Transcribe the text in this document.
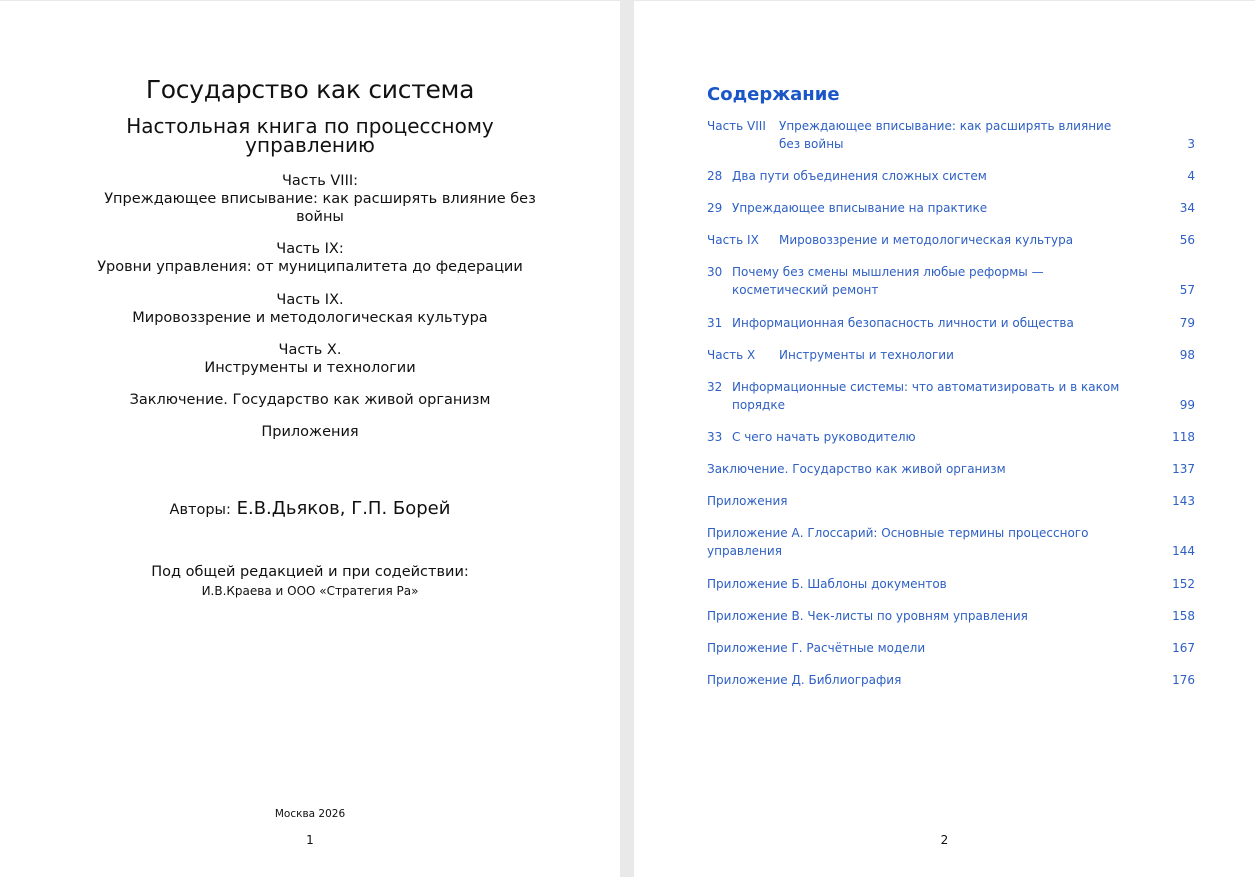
Государство как система
Настольная книга по процессному
управлению
Часть VIII:
Упреждающее вписывание: как расширять влияние без
войны
Часть IX:
Уровни управления: от муниципалитета до федерации
Часть IX.
Мировоззрение и методологическая культура
Часть X.
Инструменты и технологии
Заключение. Государство как живой организм
Приложения
Авторы: Е.В.Дьяков, Г.П. Борей
Под общей редакцией и при содействии:
И.В.Краева и ООО «Стратегия Ра»
Москва 2026
1
Содержание
Часть VIII Упреждающее вписывание: как расширять влияние
без войны	3
28 Два пути объединения сложных систем	4
29 Упреждающее вписывание на практике	34
Часть IX Мировоззрение и методологическая культура	56
30 Почему без смены мышления любые реформы —
косметический ремонт	57
31 Информационная безопасность личности и общества	79
Часть X Инструменты и технологии	98
32 Информационные системы: что автоматизировать и в каком
порядке	99
33 С чего начать руководителю	118
Заключение. Государство как живой организм	137
Приложения	143
Приложение А. Глоссарий: Основные термины процессного
управления	144
Приложение Б. Шаблоны документов	152
Приложение В. Чек-листы по уровням управления	158
Приложение Г. Расчётные модели	167
Приложение Д. Библиография	176
2
